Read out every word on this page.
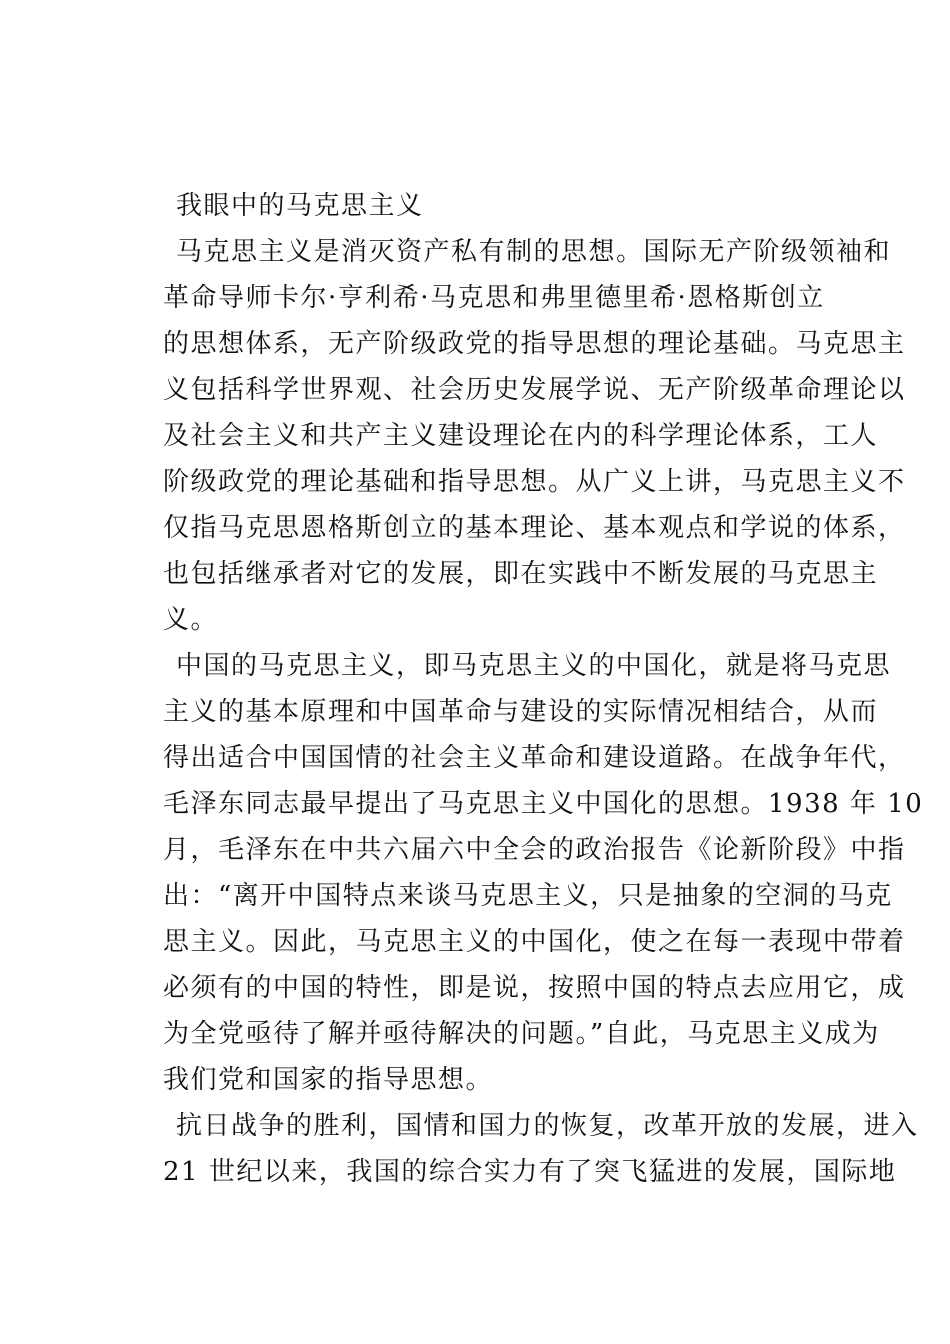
我眼中的马克思主义
马克思主义是消灭资产私有制的思想。国际无产阶级领袖和
革命导师卡尔·亨利希·马克思和弗里德里希·恩格斯创立
的思想体系，无产阶级政党的指导思想的理论基础。马克思主
义包括科学世界观、社会历史发展学说、无产阶级革命理论以
及社会主义和共产主义建设理论在内的科学理论体系，工人
阶级政党的理论基础和指导思想。从广义上讲，马克思主义不
仅指马克思恩格斯创立的基本理论、基本观点和学说的体系，
也包括继承者对它的发展，即在实践中不断发展的马克思主
义。
中国的马克思主义，即马克思主义的中国化，就是将马克思
主义的基本原理和中国革命与建设的实际情况相结合，从而
得出适合中国国情的社会主义革命和建设道路。在战争年代，
毛泽东同志最早提出了马克思主义中国化的思想。1938 年 10
月，毛泽东在中共六届六中全会的政治报告《论新阶段》中指
出：“离开中国特点来谈马克思主义，只是抽象的空洞的马克
思主义。因此，马克思主义的中国化，使之在每一表现中带着
必须有的中国的特性，即是说，按照中国的特点去应用它，成
为全党亟待了解并亟待解决的问题。”自此，马克思主义成为
我们党和国家的指导思想。
抗日战争的胜利，国情和国力的恢复，改革开放的发展，进入
21 世纪以来，我国的综合实力有了突飞猛进的发展，国际地
